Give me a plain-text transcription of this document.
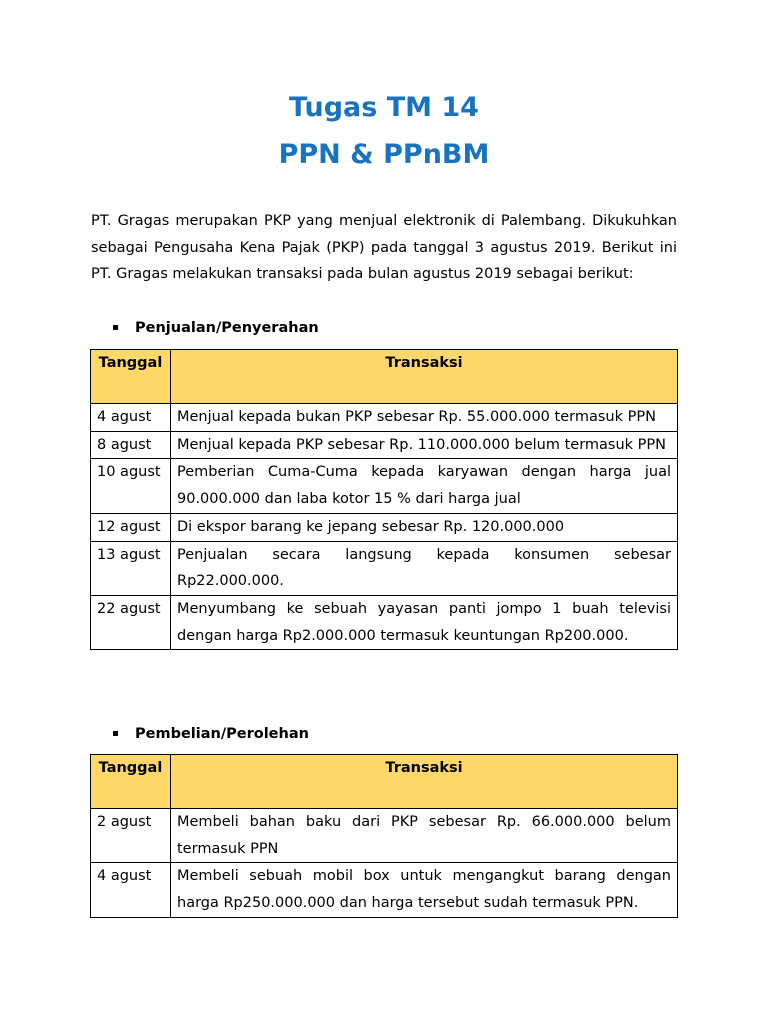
Tugas TM 14
PPN & PPnBM
PT. Gragas merupakan PKP yang menjual elektronik di Palembang. Dikukuhkan sebagai Pengusaha Kena Pajak (PKP) pada tanggal 3 agustus 2019. Berikut ini PT. Gragas melakukan transaksi pada bulan agustus 2019 sebagai berikut:
Penjualan/Penyerahan
Tanggal	Transaksi
4 agust	Menjual kepada bukan PKP sebesar Rp. 55.000.000 termasuk PPN
8 agust	Menjual kepada PKP sebesar Rp. 110.000.000 belum termasuk PPN
10 agust	Pemberian Cuma-Cuma kepada karyawan dengan harga jual 90.000.000 dan laba kotor 15 % dari harga jual
12 agust	Di ekspor barang ke jepang sebesar Rp. 120.000.000
13 agust	Penjualan secara langsung kepada konsumen sebesar Rp22.000.000.
22 agust	Menyumbang ke sebuah yayasan panti jompo 1 buah televisi dengan harga Rp2.000.000 termasuk keuntungan Rp200.000.
Pembelian/Perolehan
Tanggal	Transaksi
2 agust	Membeli bahan baku dari PKP sebesar Rp. 66.000.000 belum termasuk PPN
4 agust	Membeli sebuah mobil box untuk mengangkut barang dengan harga Rp250.000.000 dan harga tersebut sudah termasuk PPN.
